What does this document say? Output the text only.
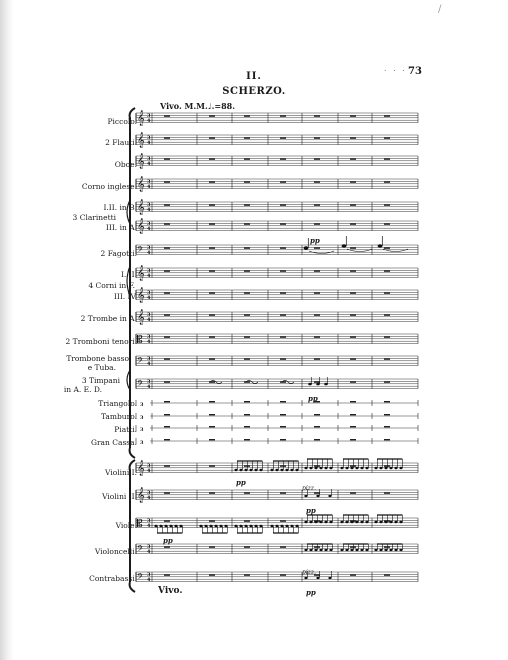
/
II.
. . . 73
SCHERZO.
Vivo. M.M.♩.=88.
Piccolo.
2 Flauti.
Oboe.
Corno inglese.
I.II. in B.
3 Clarinetti
III. in A.
2 Fagotti.
I. II.
4 Corni in F.
III. IV.
2 Trombe in A.
2 Tromboni tenori.
Trombone basso
e Tuba.
3 Timpani
in A. E. D.
Triangolo.
Tamburo.
Piatti.
Gran Cassa.
Violini I.
Violini II.
Viole.
Violoncelli.
Contrabassi.
Vivo.
𝄞 3
4
𝄞 3
4
𝄞 3
4
𝄞 3
4
𝄞 3
4
𝄞 3
4
𝄢 3
4
𝄞 3
4
𝄞 3
4
𝄞 3
4
𝄡 3
4
𝄢 3
4
𝄢 3
4
𝄞 3
4
𝄞 3
4
𝄡 3
4
𝄢 3
4
𝄢 3
4
3
3
3
3
pp
pp
pp
pizz.
pp
pp
pizz.
pp
